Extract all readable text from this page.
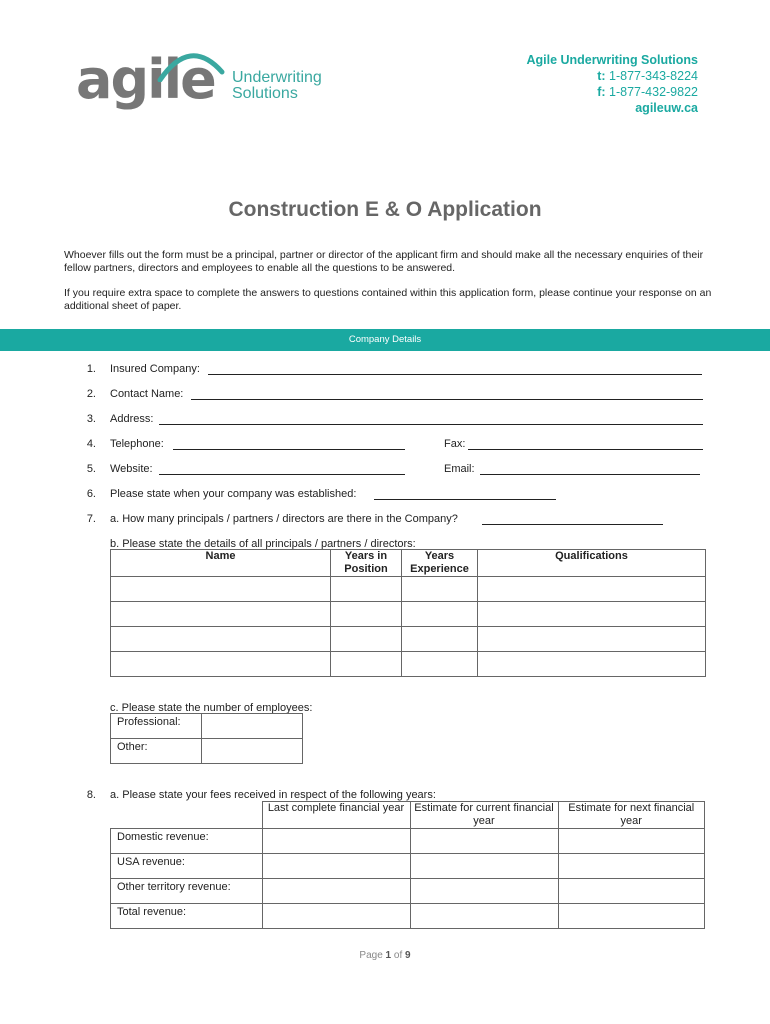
agile Underwriting
Solutions
Agile Underwriting Solutions
t: 1-877-343-8224
f: 1-877-432-9822
agileuw.ca
Construction E & O Application
Whoever fills out the form must be a principal, partner or director of the applicant firm and should make all the necessary enquiries of their fellow partners, directors and employees to enable all the questions to be answered.
If you require extra space to complete the answers to questions contained within this application form, please continue your response on an additional sheet of paper.
Company Details
1. Insured Company:
2. Contact Name:
3. Address:
4. Telephone:	Fax:
5. Website:	Email:
6. Please state when your company was established:
7. a. How many principals / partners / directors are there in the Company?
b. Please state the details of all principals / partners / directors:
Name	Years in Position	Years Experience	Qualifications

c. Please state the number of employees:
Professional:	
Other:	
8. a. Please state your fees received in respect of the following years:
	Last complete financial year	Estimate for current financial year	Estimate for next financial year
Domestic revenue:			
USA revenue:			
Other territory revenue:			
Total revenue:			
Page 1 of 9
